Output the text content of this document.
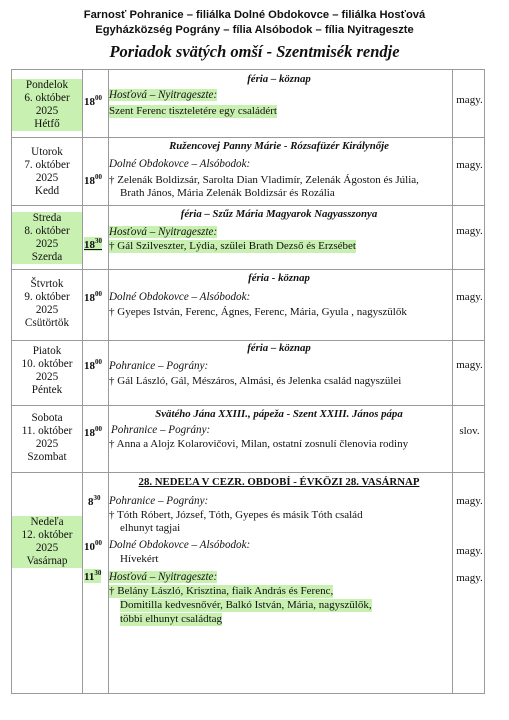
Farnosť Pohranice – filiálka Dolné Obdokovce – filiálka Hosťová
Egyházközség Pográny – fília Alsóbodok – fília Nyitrageszte
Poriadok svätých omší - Szentmisék rendje
Pondelok
6. október
2025
Hétfő
féria – köznap
$18^{00}$ Hosťová – Nyitrageszte:
Szent Ferenc tiszteletére egy családért
magy.
Utorok
7. október
2025
Kedd
Ružencovej Panny Márie - Rózsafüzér Királynője
$18^{00}$
Dolné Obdokovce – Alsóbodok:
† Zelenák Boldizsár, Sarolta Dian Vladimír, Zelenák Ágoston és Júlia,
Brath János, Mária Zelenák Boldizsár és Rozália
magy.
Streda
8. október
2025
Szerda
féria – Szűz Mária Magyarok Nagyasszonya
$18^{30}$
Hosťová – Nyitrageszte:
† Gál Szilveszter, Lýdia, szülei Brath Dezső és Erzsébet
magy.
Štvrtok
9. október
2025
Csütörtök
féria - köznap
$18^{00}$ Dolné Obdokovce – Alsóbodok:
† Gyepes István, Ferenc, Ágnes, Ferenc, Mária, Gyula , nagyszülők
magy.
Piatok
10. október
2025
Péntek
féria – köznap
$18^{00}$ Pohranice – Pográny:
† Gál László, Gál, Mészáros, Almási, és Jelenka család nagyszülei
magy.
Sobota
11. október
2025
Szombat
Svätého Jána XXIII., pápeža - Szent XXIII. János pápa
$18^{00}$ Pohranice – Pográny:
† Anna a Alojz Kolarovičovi, Milan, ostatní zosnulí členovia rodiny
slov.
Nedeľa
12. október
2025
Vasárnap
28. NEDEĽA V CEZR. OBDOBÍ - ÉVKÖZI 28. VASÁRNAP
$8^{30}$ Pohranice – Pográny:
† Tóth Róbert, József, Tóth, Gyepes és másik Tóth család
elhunyt tagjai
magy.
$10^{00}$ Dolné Obdokovce – Alsóbodok:
Hívekért
magy.
$11^{30}$ Hosťová – Nyitrageszte:
† Belány László, Krisztina, fiaik András és Ferenc,
Domitilla kedvesnővér, Balkó István, Mária, nagyszülők,
többi elhunyt családtag
magy.
